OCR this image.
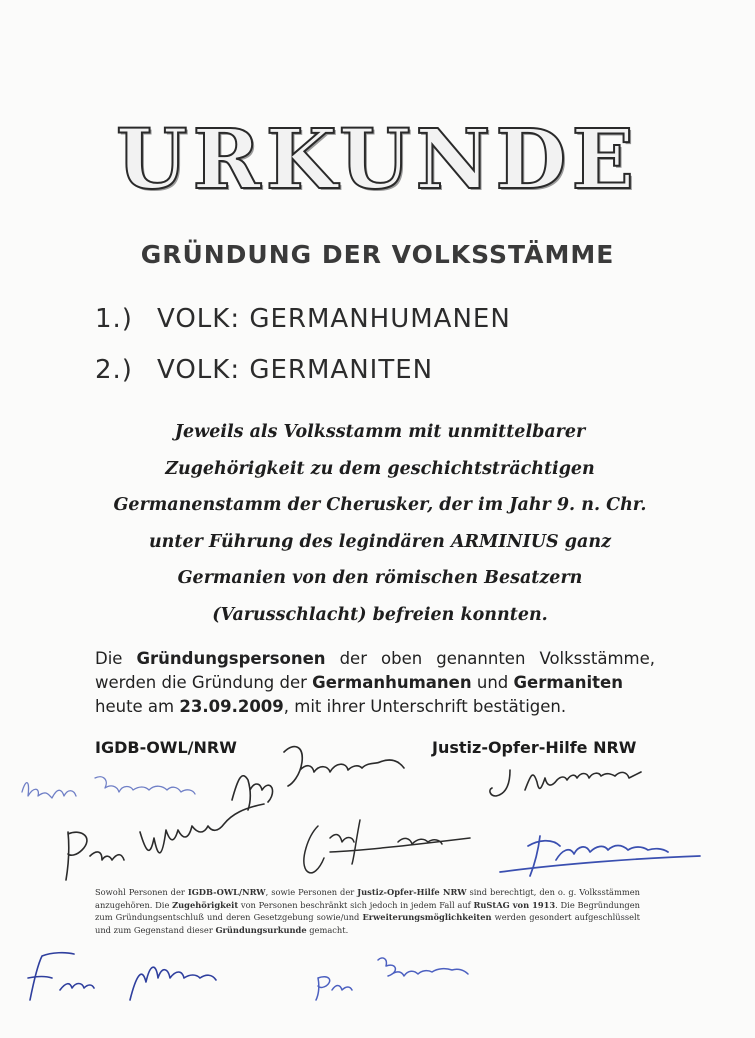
URKUNDE
GRÜNDUNG DER VOLKSSTÄMME
1.) VOLK: GERMANHUMANEN
2.) VOLK: GERMANITEN
Jeweils als Volksstamm mit unmittelbarer
Zugehörigkeit zu dem geschichtsträchtigen
Germanenstamm der Cherusker, der im Jahr 9. n. Chr.
unter Führung des legindären ARMINIUS ganz
Germanien von den römischen Besatzern
(Varusschlacht) befreien konnten.
Die Gründungspersonen der oben genannten Volksstämme,
werden die Gründung der Germanhumanen und Germaniten
heute am 23.09.2009, mit ihrer Unterschrift bestätigen.
IGDB-OWL/NRW	Justiz-Opfer-Hilfe NRW
Sowohl Personen der IGDB-OWL/NRW, sowie Personen der Justiz-Opfer-Hilfe NRW sind berechtigt, den o. g. Volksstämmen anzugehören. Die Zugehörigkeit von Personen beschränkt sich jedoch in jedem Fall auf RuStAG von 1913. Die Begründungen zum Gründungsentschluß und deren Gesetzgebung sowie/und Erweiterungsmöglichkeiten werden gesondert aufgeschlüsselt und zum Gegenstand dieser Gründungsurkunde gemacht.
